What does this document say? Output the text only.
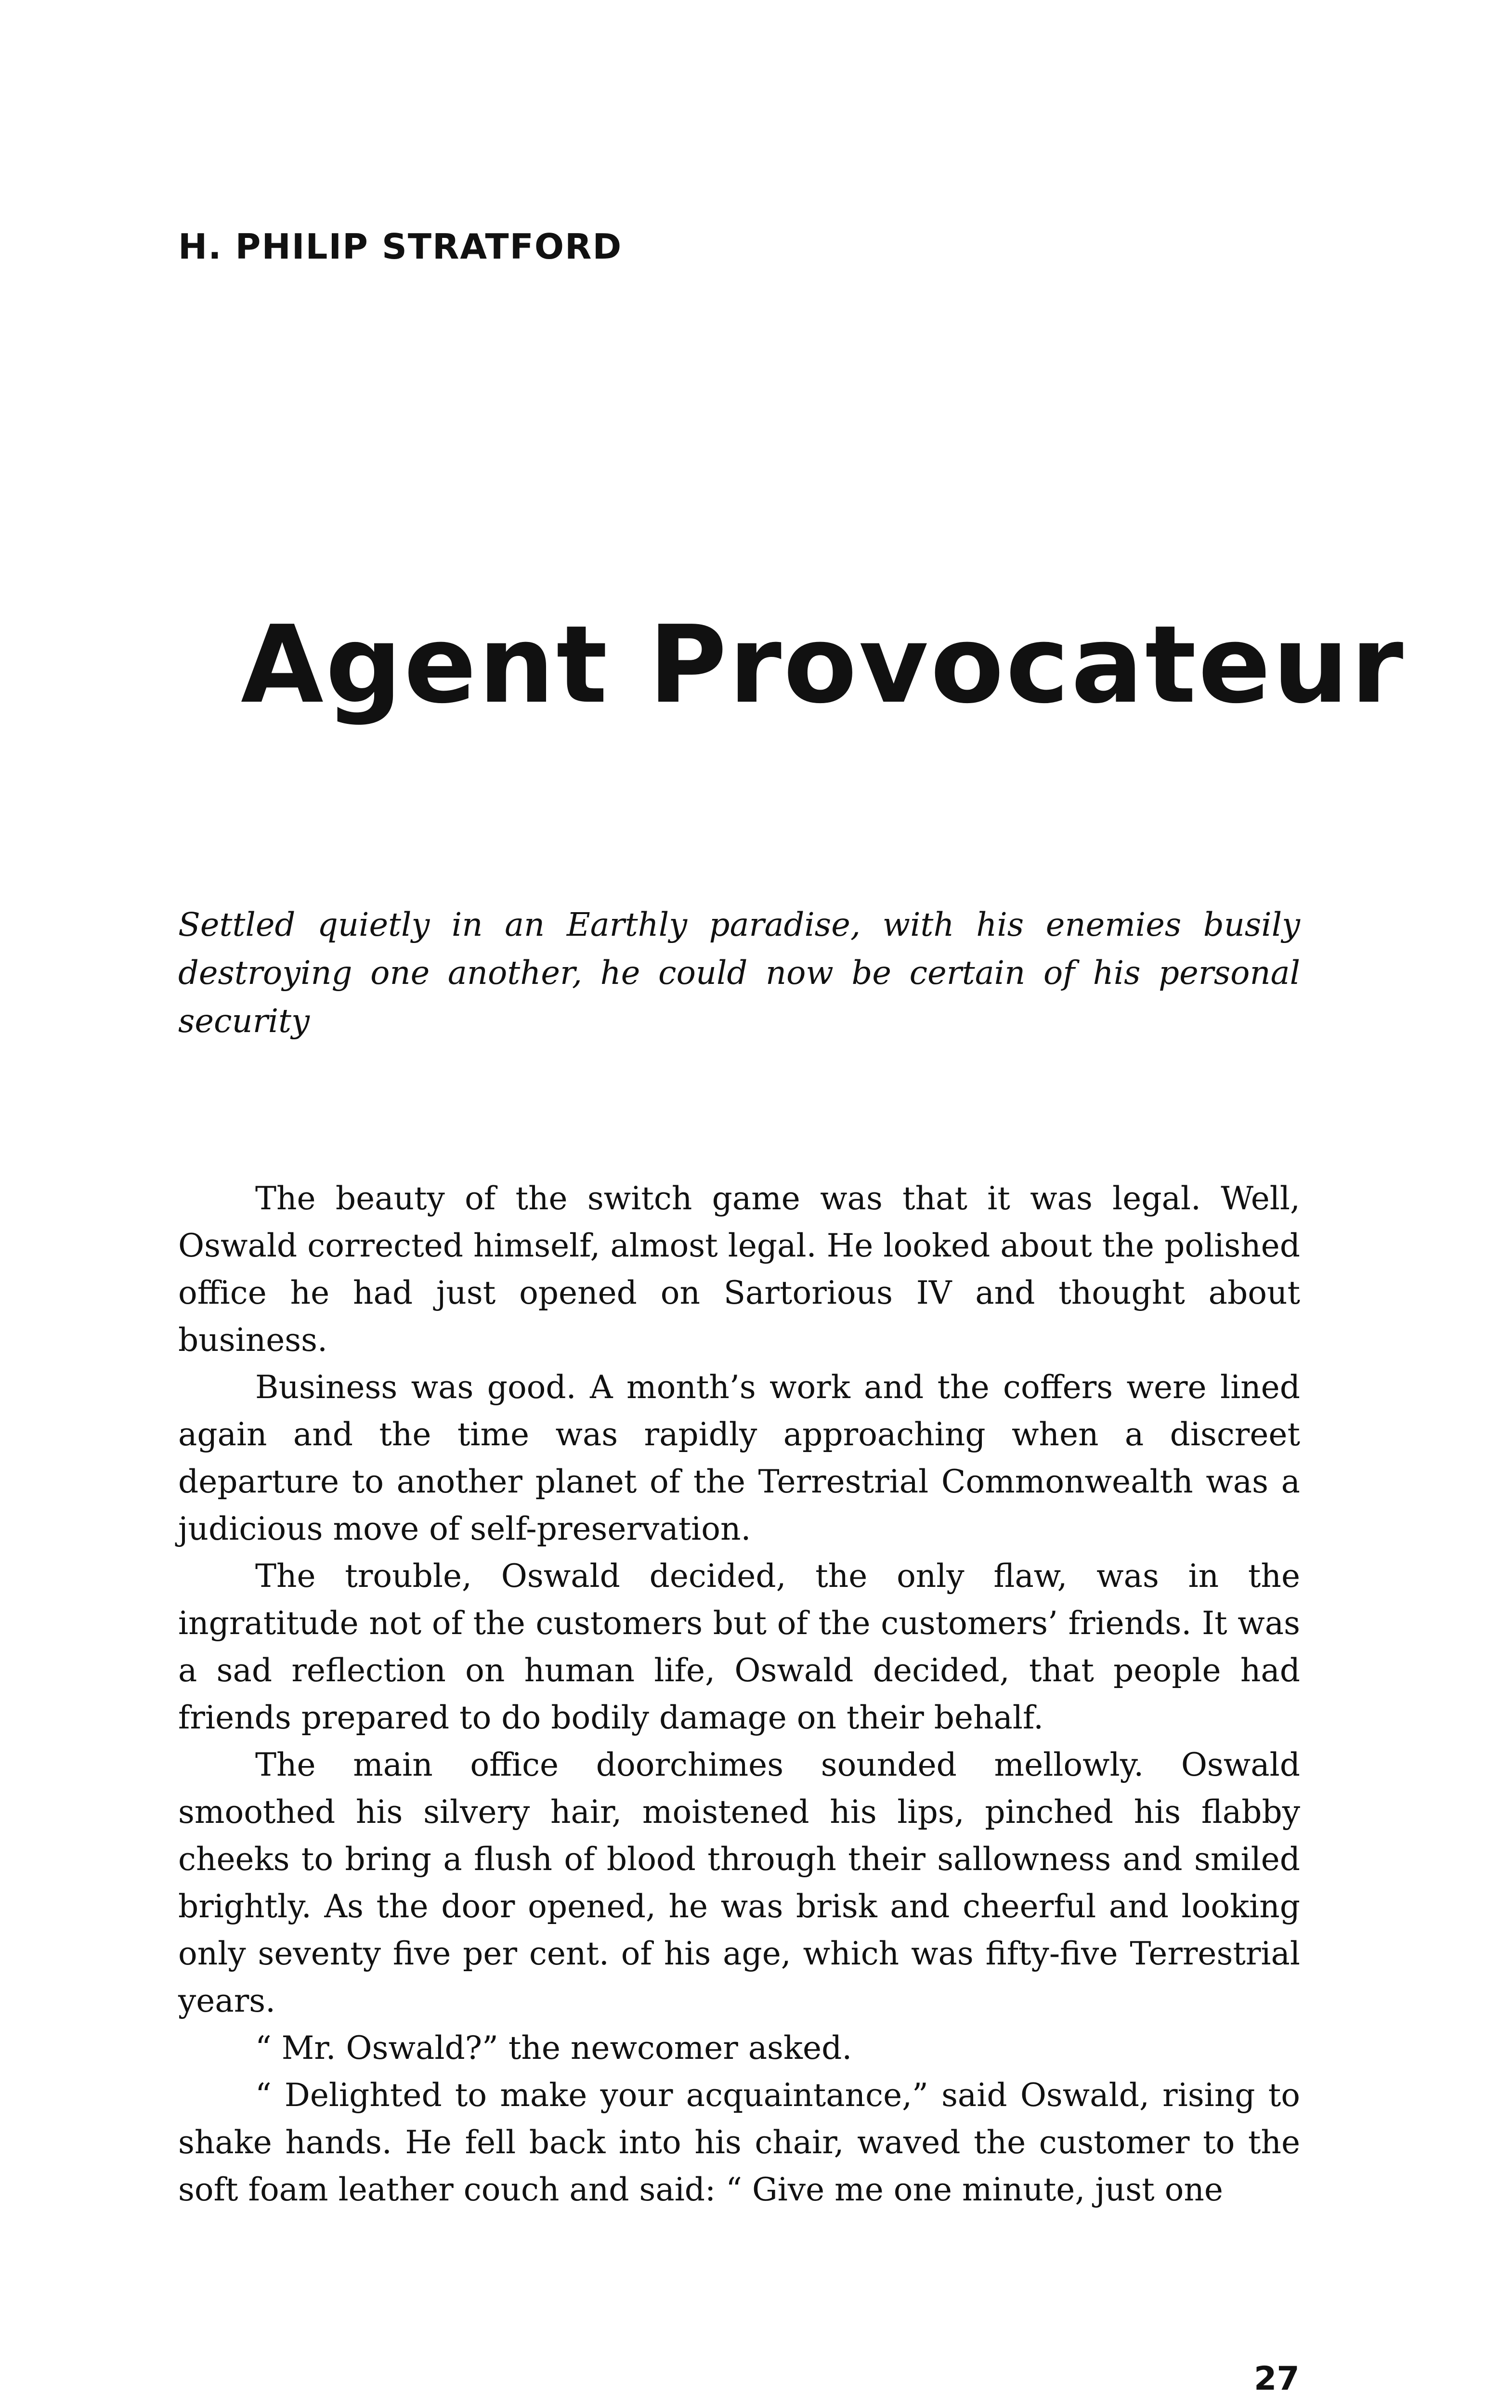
H. PHILIP STRATFORD
Agent Provocateur
Settled quietly in an Earthly paradise, with his enemies busily destroying one another, he could now be certain of his personal security

The beauty of the switch game was that it was legal. Well, Oswald corrected himself, almost legal. He looked about the polished office he had just opened on Sartorious IV and thought about business.

Business was good. A month’s work and the coffers were lined again and the time was rapidly approaching when a discreet departure to another planet of the Terrestrial Commonwealth was a judicious move of self-preservation.

The trouble, Oswald decided, the only flaw, was in the ingratitude not of the customers but of the customers’ friends. It was a sad reflection on human life, Oswald decided, that people had friends prepared to do bodily damage on their behalf.

The main office doorchimes sounded mellowly. Oswald smoothed his silvery hair, moistened his lips, pinched his flabby cheeks to bring a flush of blood through their sallowness and smiled brightly. As the door opened, he was brisk and cheerful and looking only seventy five per cent. of his age, which was fifty-five Terrestrial years.

“ Mr. Oswald?” the newcomer asked.

“ Delighted to make your acquaintance,” said Oswald, rising to shake hands. He fell back into his chair, waved the customer to the soft foam leather couch and said: “ Give me one minute, just one

27
